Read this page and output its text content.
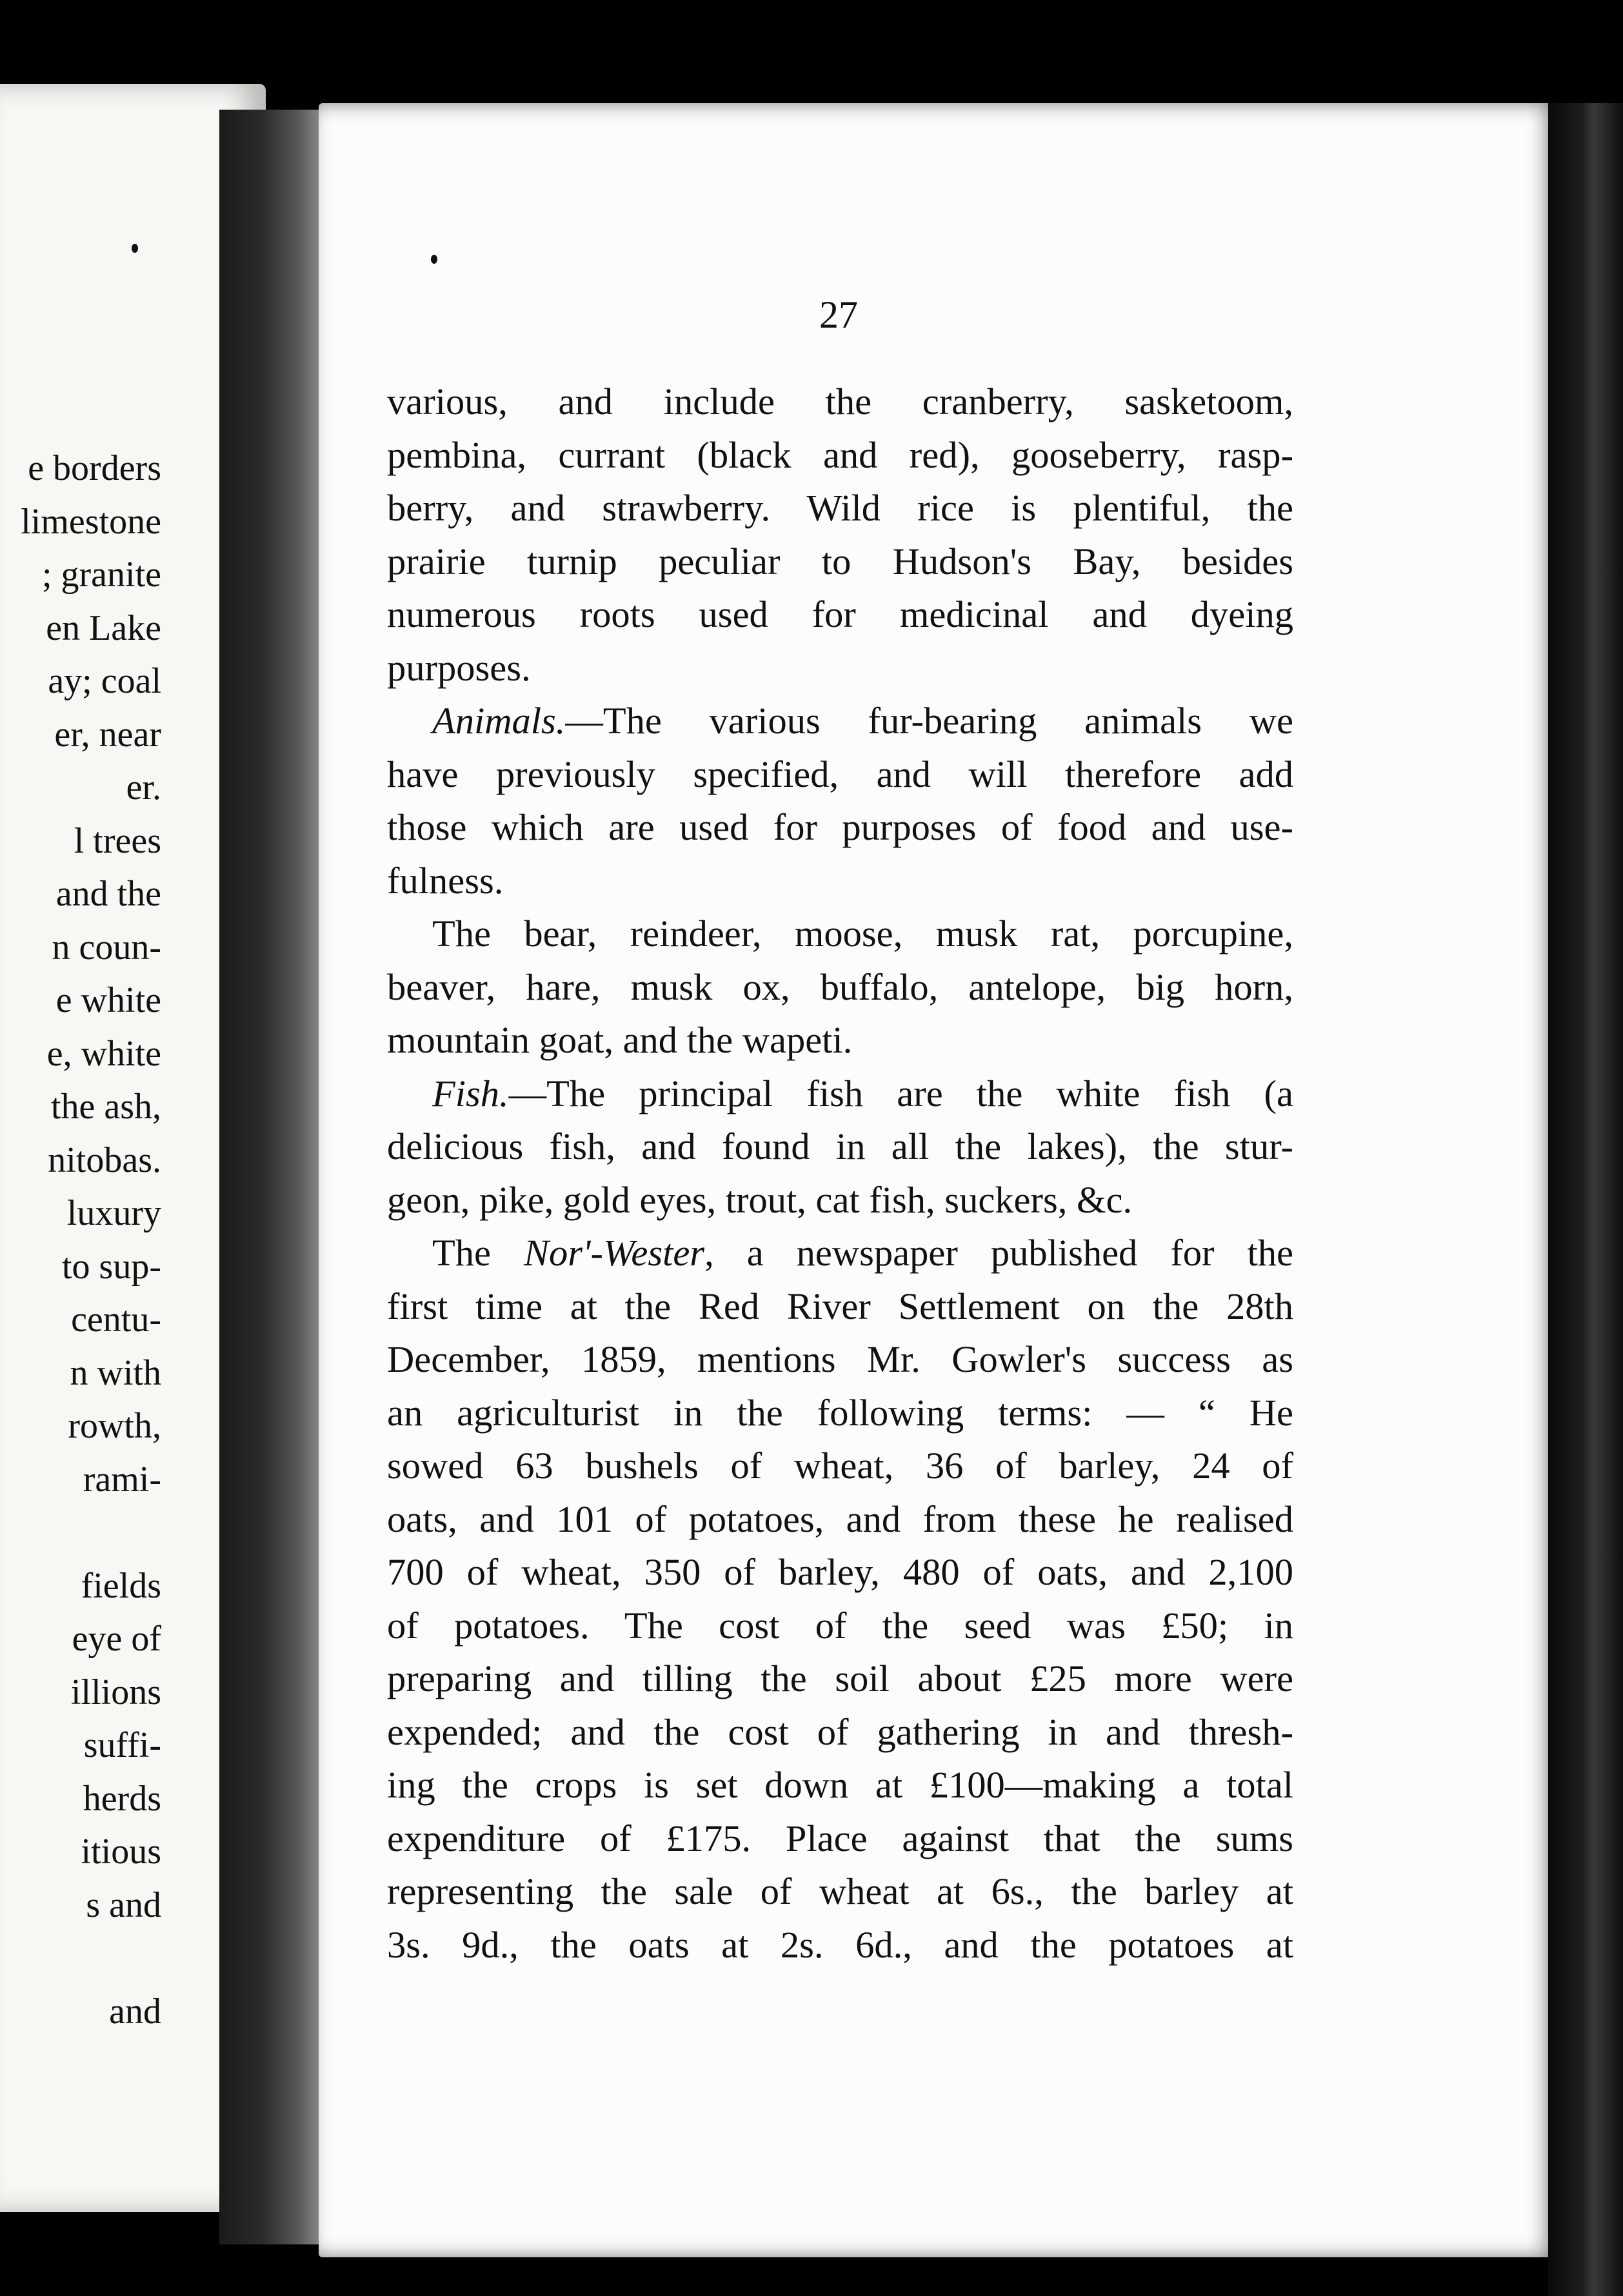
e borders
limestone
; granite
en Lake
ay; coal
er, near
er.
l trees
and the
n coun-
e white
e, white
the ash,
nitobas.
luxury
to sup-
centu-
n with
rowth,
rami-
fields
eye of
illions
suffi-
herds
itious
s and
and
27
various, and include the cranberry, sasketoom,
pembina, currant (black and red), gooseberry, rasp-
berry, and strawberry. Wild rice is plentiful, the
prairie turnip peculiar to Hudson's Bay, besides
numerous roots used for medicinal and dyeing
purposes.
Animals.—The various fur-bearing animals we
have previously specified, and will therefore add
those which are used for purposes of food and use-
fulness.
The bear, reindeer, moose, musk rat, porcupine,
beaver, hare, musk ox, buffalo, antelope, big horn,
mountain goat, and the wapeti.
Fish.—The principal fish are the white fish (a
delicious fish, and found in all the lakes), the stur-
geon, pike, gold eyes, trout, cat fish, suckers, &c.
The Nor'-Wester, a newspaper published for the
first time at the Red River Settlement on the 28th
December, 1859, mentions Mr. Gowler's success as
an agriculturist in the following terms: — “ He
sowed 63 bushels of wheat, 36 of barley, 24 of
oats, and 101 of potatoes, and from these he realised
700 of wheat, 350 of barley, 480 of oats, and 2,100
of potatoes. The cost of the seed was £50; in
preparing and tilling the soil about £25 more were
expended; and the cost of gathering in and thresh-
ing the crops is set down at £100—making a total
expenditure of £175. Place against that the sums
representing the sale of wheat at 6s., the barley at
3s. 9d., the oats at 2s. 6d., and the potatoes at
